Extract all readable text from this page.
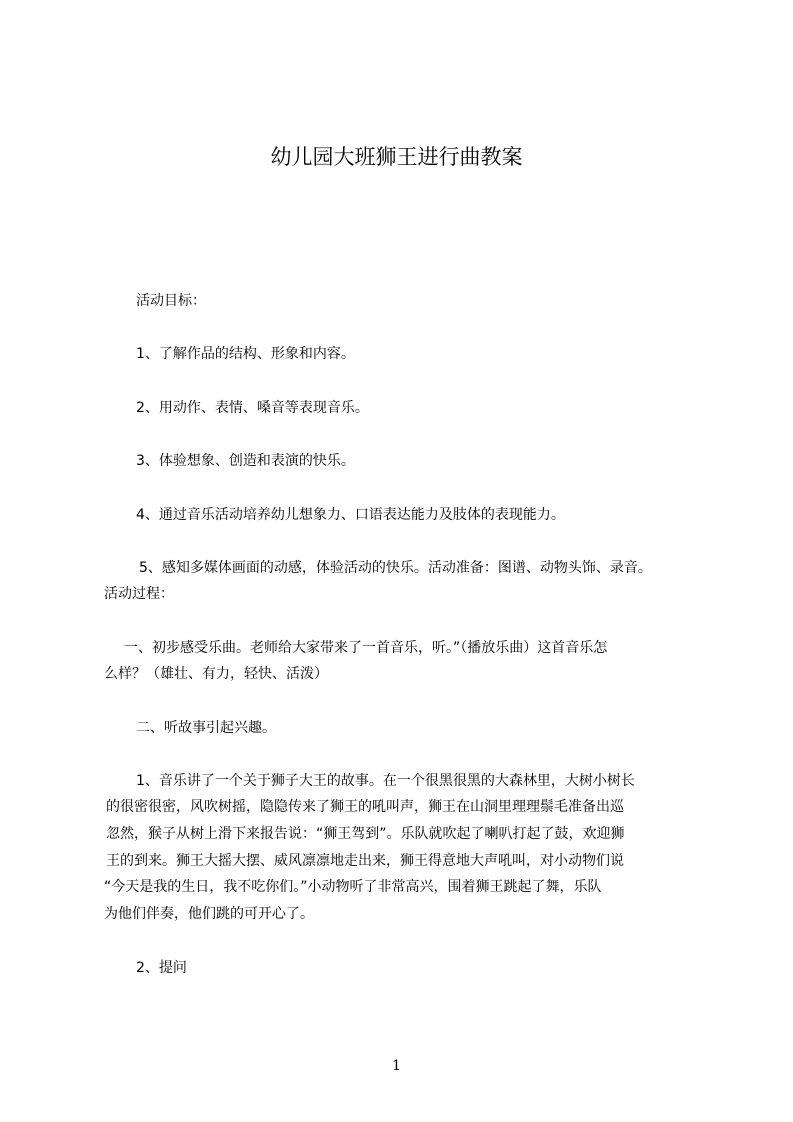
幼儿园大班狮王进行曲教案
活动目标：
1、了解作品的结构、形象和内容。
2、用动作、表情、嗓音等表现音乐。
3、体验想象、创造和表演的快乐。
4、通过音乐活动培养幼儿想象力、口语表达能力及肢体的表现能力。
5、感知多媒体画面的动感，体验活动的快乐。活动准备：图谱、动物头饰、录音。
活动过程：
一、初步感受乐曲。老师给大家带来了一首音乐，听。”（播放乐曲）这首音乐怎
么样？（雄壮、有力，轻快、活泼）
二、听故事引起兴趣。
1、音乐讲了一个关于狮子大王的故事。在一个很黑很黑的大森林里，大树小树长
的很密很密，风吹树摇，隐隐传来了狮王的吼叫声，狮王在山洞里理理鬃毛准备出巡
忽然，猴子从树上滑下来报告说：“狮王驾到”。乐队就吹起了喇叭打起了鼓，欢迎狮
王的到来。狮王大摇大摆、威风凛凛地走出来，狮王得意地大声吼叫，对小动物们说
“今天是我的生日，我不吃你们。”小动物听了非常高兴，围着狮王跳起了舞，乐队
为他们伴奏，他们跳的可开心了。
2、提问
1
